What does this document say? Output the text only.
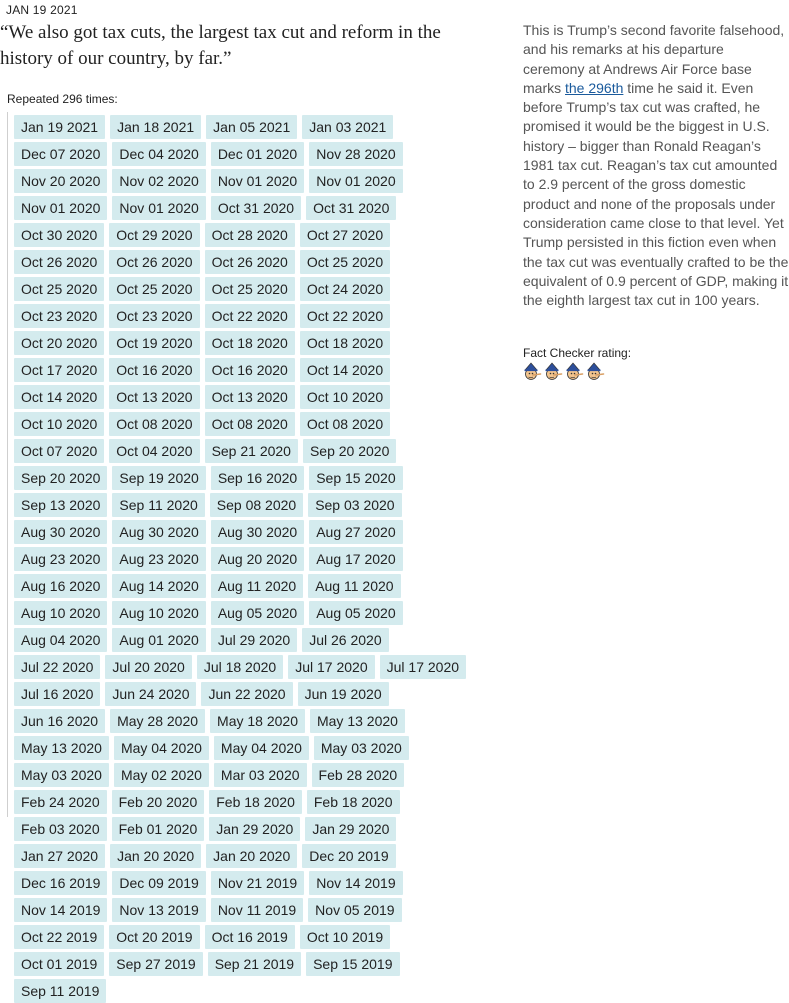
JAN 19 2021

“We also got tax cuts, the largest tax cut and reform in the history of our country, by far.”

Repeated 296 times:
Jan 19 2021	Jan 18 2021	Jan 05 2021	Jan 03 2021
Dec 07 2020	Dec 04 2020	Dec 01 2020	Nov 28 2020
Nov 20 2020	Nov 02 2020	Nov 01 2020	Nov 01 2020
Nov 01 2020	Nov 01 2020	Oct 31 2020	Oct 31 2020
Oct 30 2020	Oct 29 2020	Oct 28 2020	Oct 27 2020
Oct 26 2020	Oct 26 2020	Oct 26 2020	Oct 25 2020
Oct 25 2020	Oct 25 2020	Oct 25 2020	Oct 24 2020
Oct 23 2020	Oct 23 2020	Oct 22 2020	Oct 22 2020
Oct 20 2020	Oct 19 2020	Oct 18 2020	Oct 18 2020
Oct 17 2020	Oct 16 2020	Oct 16 2020	Oct 14 2020
Oct 14 2020	Oct 13 2020	Oct 13 2020	Oct 10 2020
Oct 10 2020	Oct 08 2020	Oct 08 2020	Oct 08 2020
Oct 07 2020	Oct 04 2020	Sep 21 2020	Sep 20 2020
Sep 20 2020	Sep 19 2020	Sep 16 2020	Sep 15 2020
Sep 13 2020	Sep 11 2020	Sep 08 2020	Sep 03 2020
Aug 30 2020	Aug 30 2020	Aug 30 2020	Aug 27 2020
Aug 23 2020	Aug 23 2020	Aug 20 2020	Aug 17 2020
Aug 16 2020	Aug 14 2020	Aug 11 2020	Aug 11 2020
Aug 10 2020	Aug 10 2020	Aug 05 2020	Aug 05 2020
Aug 04 2020	Aug 01 2020	Jul 29 2020	Jul 26 2020
Jul 22 2020	Jul 20 2020	Jul 18 2020	Jul 17 2020	Jul 17 2020
Jul 16 2020	Jun 24 2020	Jun 22 2020	Jun 19 2020
Jun 16 2020	May 28 2020	May 18 2020	May 13 2020
May 13 2020	May 04 2020	May 04 2020	May 03 2020
May 03 2020	May 02 2020	Mar 03 2020	Feb 28 2020
Feb 24 2020	Feb 20 2020	Feb 18 2020	Feb 18 2020
Feb 03 2020	Feb 01 2020	Jan 29 2020	Jan 29 2020
Jan 27 2020	Jan 20 2020	Jan 20 2020	Dec 20 2019
Dec 16 2019	Dec 09 2019	Nov 21 2019	Nov 14 2019
Nov 14 2019	Nov 13 2019	Nov 11 2019	Nov 05 2019
Oct 22 2019	Oct 20 2019	Oct 16 2019	Oct 10 2019
Oct 01 2019	Sep 27 2019	Sep 21 2019	Sep 15 2019
Sep 11 2019

This is Trump’s second favorite falsehood, and his remarks at his departure ceremony at Andrews Air Force base marks the 296th time he said it. Even before Trump’s tax cut was crafted, he promised it would be the biggest in U.S. history – bigger than Ronald Reagan’s 1981 tax cut. Reagan’s tax cut amounted to 2.9 percent of the gross domestic product and none of the proposals under consideration came close to that level. Yet Trump persisted in this fiction even when the tax cut was eventually crafted to be the equivalent of 0.9 percent of GDP, making it the eighth largest tax cut in 100 years.

Fact Checker rating:
